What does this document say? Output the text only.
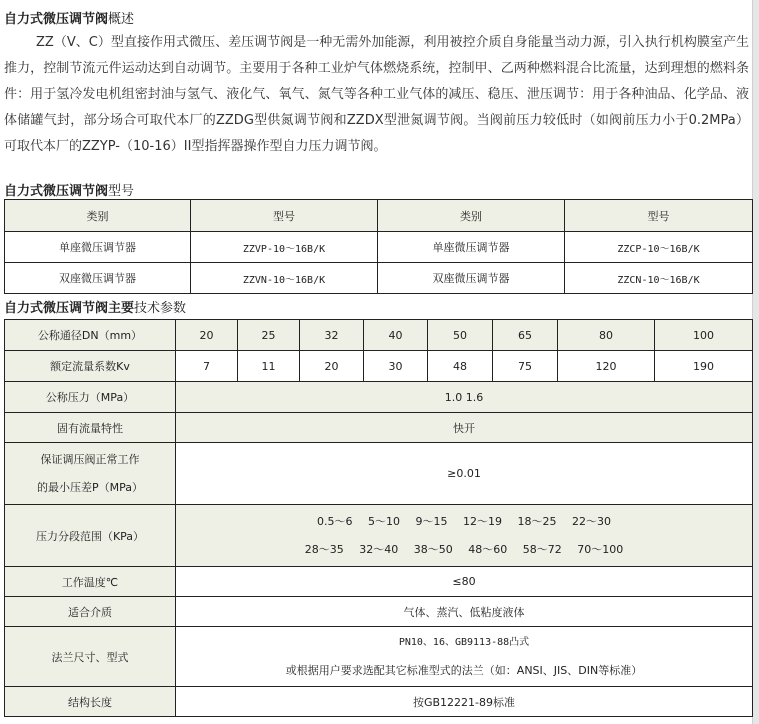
自力式微压调节阀概述

ZZ（V、C）型直接作用式微压、差压调节阀是一种无需外加能源，利用被控介质自身能量当动力源，引入执行机构膜室产生推力，控制节流元件运动达到自动调节。主要用于各种工业炉气体燃烧系统，控制甲、乙两种燃料混合比流量，达到理想的燃料条件：用于氢冷发电机组密封油与氢气、液化气、氧气、氮气等各种工业气体的减压、稳压、泄压调节：用于各种油品、化学品、液体储罐气封，部分场合可取代本厂的ZZDG型供氮调节阀和ZZDX型泄氮调节阀。当阀前压力较低时（如阀前压力小于0.2MPa）可取代本厂的ZZYP-（10-16）II型指挥器操作型自力压力调节阀。

自力式微压调节阀型号
类别	型号	类别	型号
单座微压调节器	ZZVP-10～16B/K	单座微压调节器	ZZCP-10～16B/K
双座微压调节器	ZZVN-10～16B/K	双座微压调节器	ZZCN-10～16B/K
自力式微压调节阀主要技术参数
公称通径DN（mm）	20	25	32	40	50	65	80	100
额定流量系数Kv	7	11	20	30	48	75	120	190
公称压力（MPa）	1.0 1.6							
固有流量特性	快开							

保证调压阀正常工作
的最小压差P（MPa）	≥0.01							
压力分段范围（KPa）	0.5～6 5～10 9～15 12～19 18～25 22～30
28～35 32～40 38～50 48～60 58～72 70～100							

工作温度℃	≤80							
适合介质	气体、蒸汽、低粘度液体							
法兰尺寸、型式	PN10、16、GB9113-88凸式
或根据用户要求选配其它标准型式的法兰（如：ANSI、JIS、DIN等标准）							

结构长度	按GB12221-89标准							
